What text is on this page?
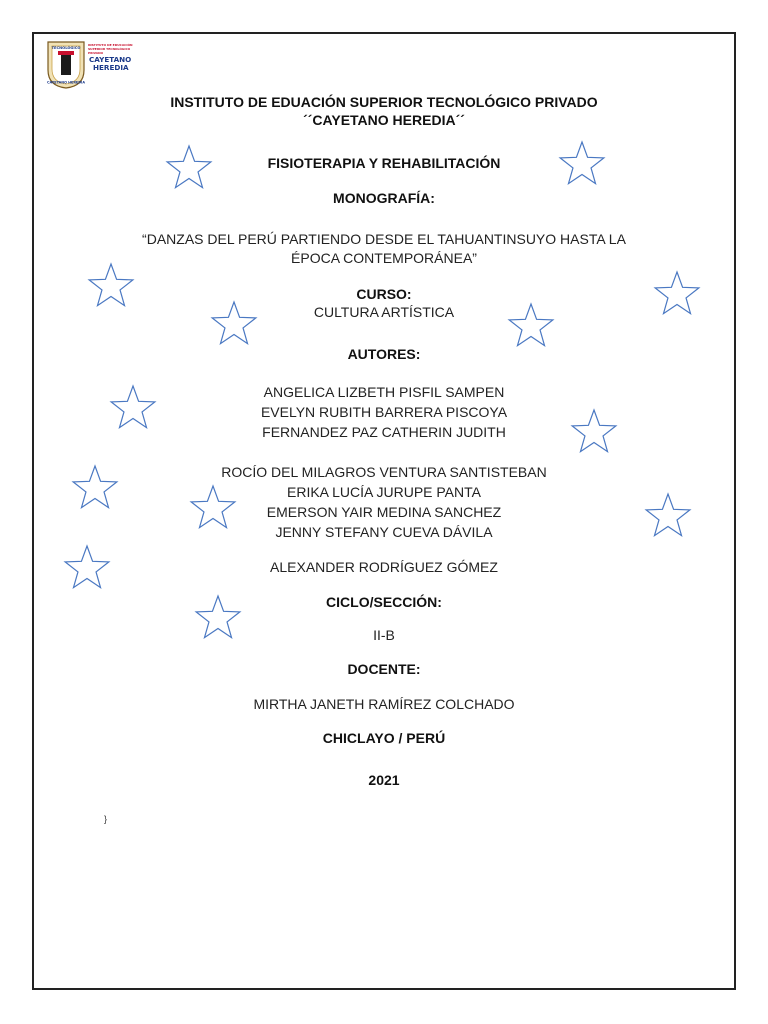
TECNOLÓGICO
CAYETANO HEREDIA
INSTITUTO DE EDUCACIÓN
SUPERIOR TECNOLÓGICO
PRIVADO
CAYETANO
HEREDIA
INSTITUTO DE EDUACIÓN SUPERIOR TECNOLÓGICO PRIVADO
´´CAYETANO HEREDIA´´
FISIOTERAPIA Y REHABILITACIÓN
MONOGRAFÍA:
“DANZAS DEL PERÚ PARTIENDO DESDE EL TAHUANTINSUYO HASTA LA
ÉPOCA CONTEMPORÁNEA”
CURSO:
CULTURA ARTÍSTICA
AUTORES:
ANGELICA LIZBETH PISFIL SAMPEN
EVELYN RUBITH BARRERA PISCOYA
FERNANDEZ PAZ CATHERIN JUDITH
ROCÍO DEL MILAGROS VENTURA SANTISTEBAN
ERIKA LUCÍA JURUPE PANTA
EMERSON YAIR MEDINA SANCHEZ
JENNY STEFANY CUEVA DÁVILA
ALEXANDER RODRÍGUEZ GÓMEZ
CICLO/SECCIÓN:
II-B
DOCENTE:
MIRTHA JANETH RAMÍREZ COLCHADO
CHICLAYO / PERÚ
2021
}
